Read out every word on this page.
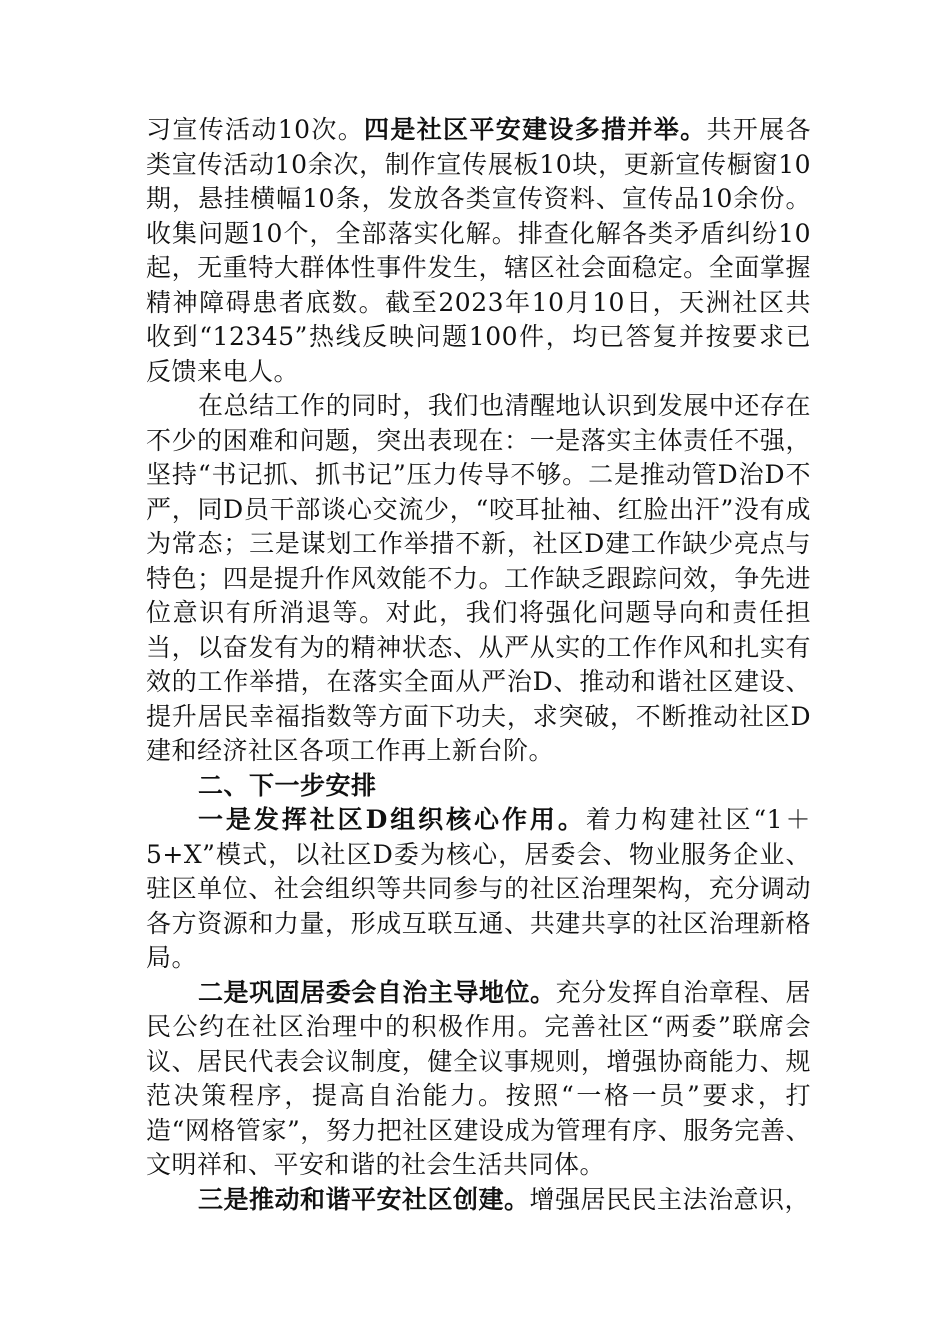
习宣传活动10次。四是社区平安建设多措并举。共开展各类宣传活动10余次，制作宣传展板10块，更新宣传橱窗10期，悬挂横幅10条，发放各类宣传资料、宣传品10余份。收集问题10个，全部落实化解。排查化解各类矛盾纠纷10起，无重特大群体性事件发生，辖区社会面稳定。全面掌握精神障碍患者底数。截至2023年10月10日，天洲社区共收到“12345”热线反映问题100件，均已答复并按要求已反馈来电人。

在总结工作的同时，我们也清醒地认识到发展中还存在不少的困难和问题，突出表现在：一是落实主体责任不强，坚持“书记抓、抓书记”压力传导不够。二是推动管D治D不严，同D员干部谈心交流少，“咬耳扯袖、红脸出汗”没有成为常态；三是谋划工作举措不新，社区D建工作缺少亮点与特色；四是提升作风效能不力。工作缺乏跟踪问效，争先进位意识有所消退等。对此，我们将强化问题导向和责任担当，以奋发有为的精神状态、从严从实的工作作风和扎实有效的工作举措，在落实全面从严治D、推动和谐社区建设、提升居民幸福指数等方面下功夫，求突破，不断推动社区D建和经济社区各项工作再上新台阶。

二、下一步安排

一是发挥社区D组织核心作用。着力构建社区“1＋5+X”模式，以社区D委为核心，居委会、物业服务企业、驻区单位、社会组织等共同参与的社区治理架构，充分调动各方资源和力量，形成互联互通、共建共享的社区治理新格局。

二是巩固居委会自治主导地位。充分发挥自治章程、居民公约在社区治理中的积极作用。完善社区“两委”联席会议、居民代表会议制度，健全议事规则，增强协商能力、规范决策程序，提高自治能力。按照“一格一员”要求，打造“网格管家”，努力把社区建设成为管理有序、服务完善、文明祥和、平安和谐的社会生活共同体。

三是推动和谐平安社区创建。增强居民民主法治意识，
